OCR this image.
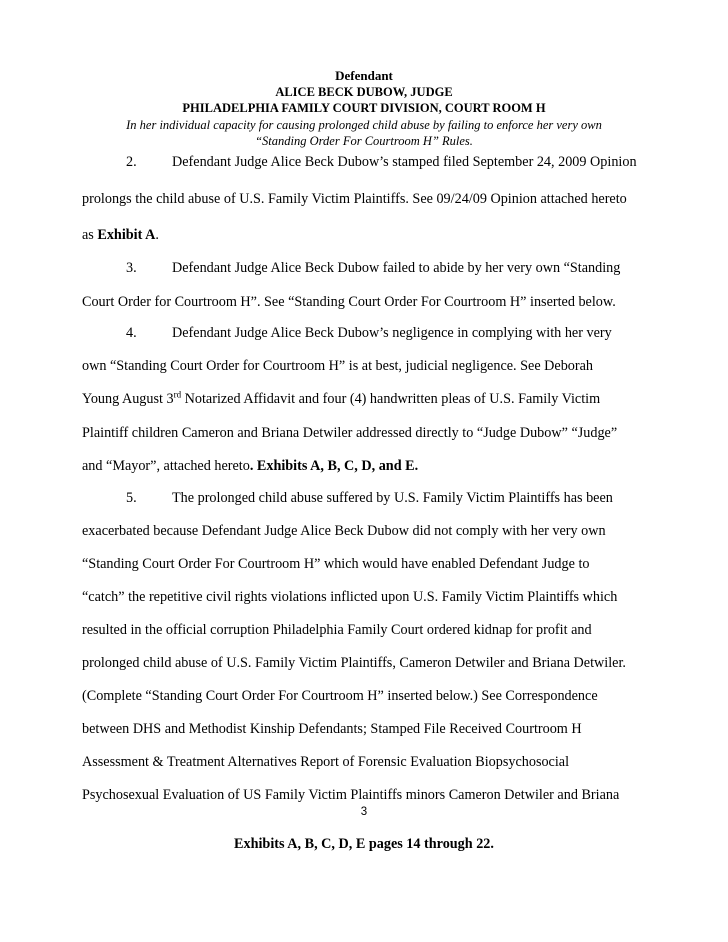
Defendant
ALICE BECK DUBOW, JUDGE
PHILADELPHIA FAMILY COURT DIVISION, COURT ROOM H
In her individual capacity for causing prolonged child abuse by failing to enforce her very own
“Standing Order For Courtroom H” Rules.
2. Defendant Judge Alice Beck Dubow’s stamped filed September 24, 2009 Opinion
prolongs the child abuse of U.S. Family Victim Plaintiffs. See 09/24/09 Opinion attached hereto
as Exhibit A.
3. Defendant Judge Alice Beck Dubow failed to abide by her very own “Standing
Court Order for Courtroom H”. See “Standing Court Order For Courtroom H” inserted below.
4. Defendant Judge Alice Beck Dubow’s negligence in complying with her very
own “Standing Court Order for Courtroom H” is at best, judicial negligence. See Deborah
Young August 3rd Notarized Affidavit and four (4) handwritten pleas of U.S. Family Victim
Plaintiff children Cameron and Briana Detwiler addressed directly to “Judge Dubow” “Judge”
and “Mayor”, attached hereto. Exhibits A, B, C, D, and E.
5. The prolonged child abuse suffered by U.S. Family Victim Plaintiffs has been
exacerbated because Defendant Judge Alice Beck Dubow did not comply with her very own
“Standing Court Order For Courtroom H” which would have enabled Defendant Judge to
“catch” the repetitive civil rights violations inflicted upon U.S. Family Victim Plaintiffs which
resulted in the official corruption Philadelphia Family Court ordered kidnap for profit and
prolonged child abuse of U.S. Family Victim Plaintiffs, Cameron Detwiler and Briana Detwiler.
(Complete “Standing Court Order For Courtroom H” inserted below.) See Correspondence
between DHS and Methodist Kinship Defendants; Stamped File Received Courtroom H
Assessment & Treatment Alternatives Report of Forensic Evaluation Biopsychosocial
Psychosexual Evaluation of US Family Victim Plaintiffs minors Cameron Detwiler and Briana
3
Exhibits A, B, C, D, E pages 14 through 22.
